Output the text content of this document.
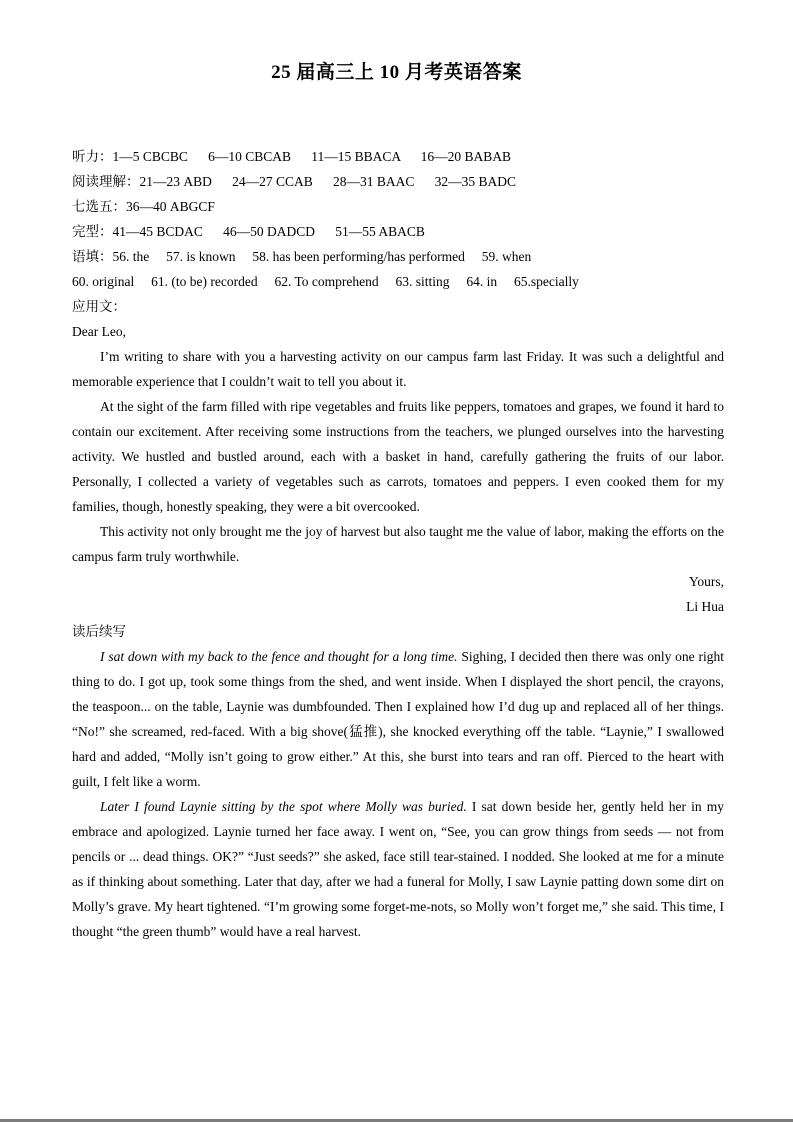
25 届高三上 10 月考英语答案

听力：1—5 CBCBC      6—10 CBCAB      11—15 BBACA      16—20 BABAB

阅读理解：21—23 ABD      24—27 CCAB      28—31 BAAC      32—35 BADC

七选五：36—40 ABGCF

完型：41—45 BCDAC      46—50 DADCD      51—55 ABACB

语填：56. the     57. is known     58. has been performing/has performed     59. when

60. original     61. (to be) recorded     62. To comprehend     63. sitting     64. in     65.specially

应用文：

Dear Leo,

I’m writing to share with you a harvesting activity on our campus farm last Friday. It was such a delightful and memorable experience that I couldn’t wait to tell you about it.

At the sight of the farm filled with ripe vegetables and fruits like peppers, tomatoes and grapes, we found it hard to contain our excitement. After receiving some instructions from the teachers, we plunged ourselves into the harvesting activity. We hustled and bustled around, each with a basket in hand, carefully gathering the fruits of our labor. Personally, I collected a variety of vegetables such as carrots, tomatoes and peppers. I even cooked them for my families, though, honestly speaking, they were a bit overcooked.

This activity not only brought me the joy of harvest but also taught me the value of labor, making the efforts on the campus farm truly worthwhile.

Yours,

Li Hua

读后续写

I sat down with my back to the fence and thought for a long time. Sighing, I decided then there was only one right thing to do. I got up, took some things from the shed, and went inside. When I displayed the short pencil, the crayons, the teaspoon... on the table, Laynie was dumbfounded. Then I explained how I’d dug up and replaced all of her things. “No!” she screamed, red-faced. With a big shove(猛推), she knocked everything off the table. “Laynie,” I swallowed hard and added, “Molly isn’t going to grow either.” At this, she burst into tears and ran off. Pierced to the heart with guilt, I felt like a worm.

Later I found Laynie sitting by the spot where Molly was buried. I sat down beside her, gently held her in my embrace and apologized. Laynie turned her face away. I went on, “See, you can grow things from seeds — not from pencils or ... dead things. OK?” “Just seeds?” she asked, face still tear-stained. I nodded. She looked at me for a minute as if thinking about something. Later that day, after we had a funeral for Molly, I saw Laynie patting down some dirt on Molly’s grave. My heart tightened. “I’m growing some forget-me-nots, so Molly won’t forget me,” she said. This time, I thought “the green thumb” would have a real harvest.
